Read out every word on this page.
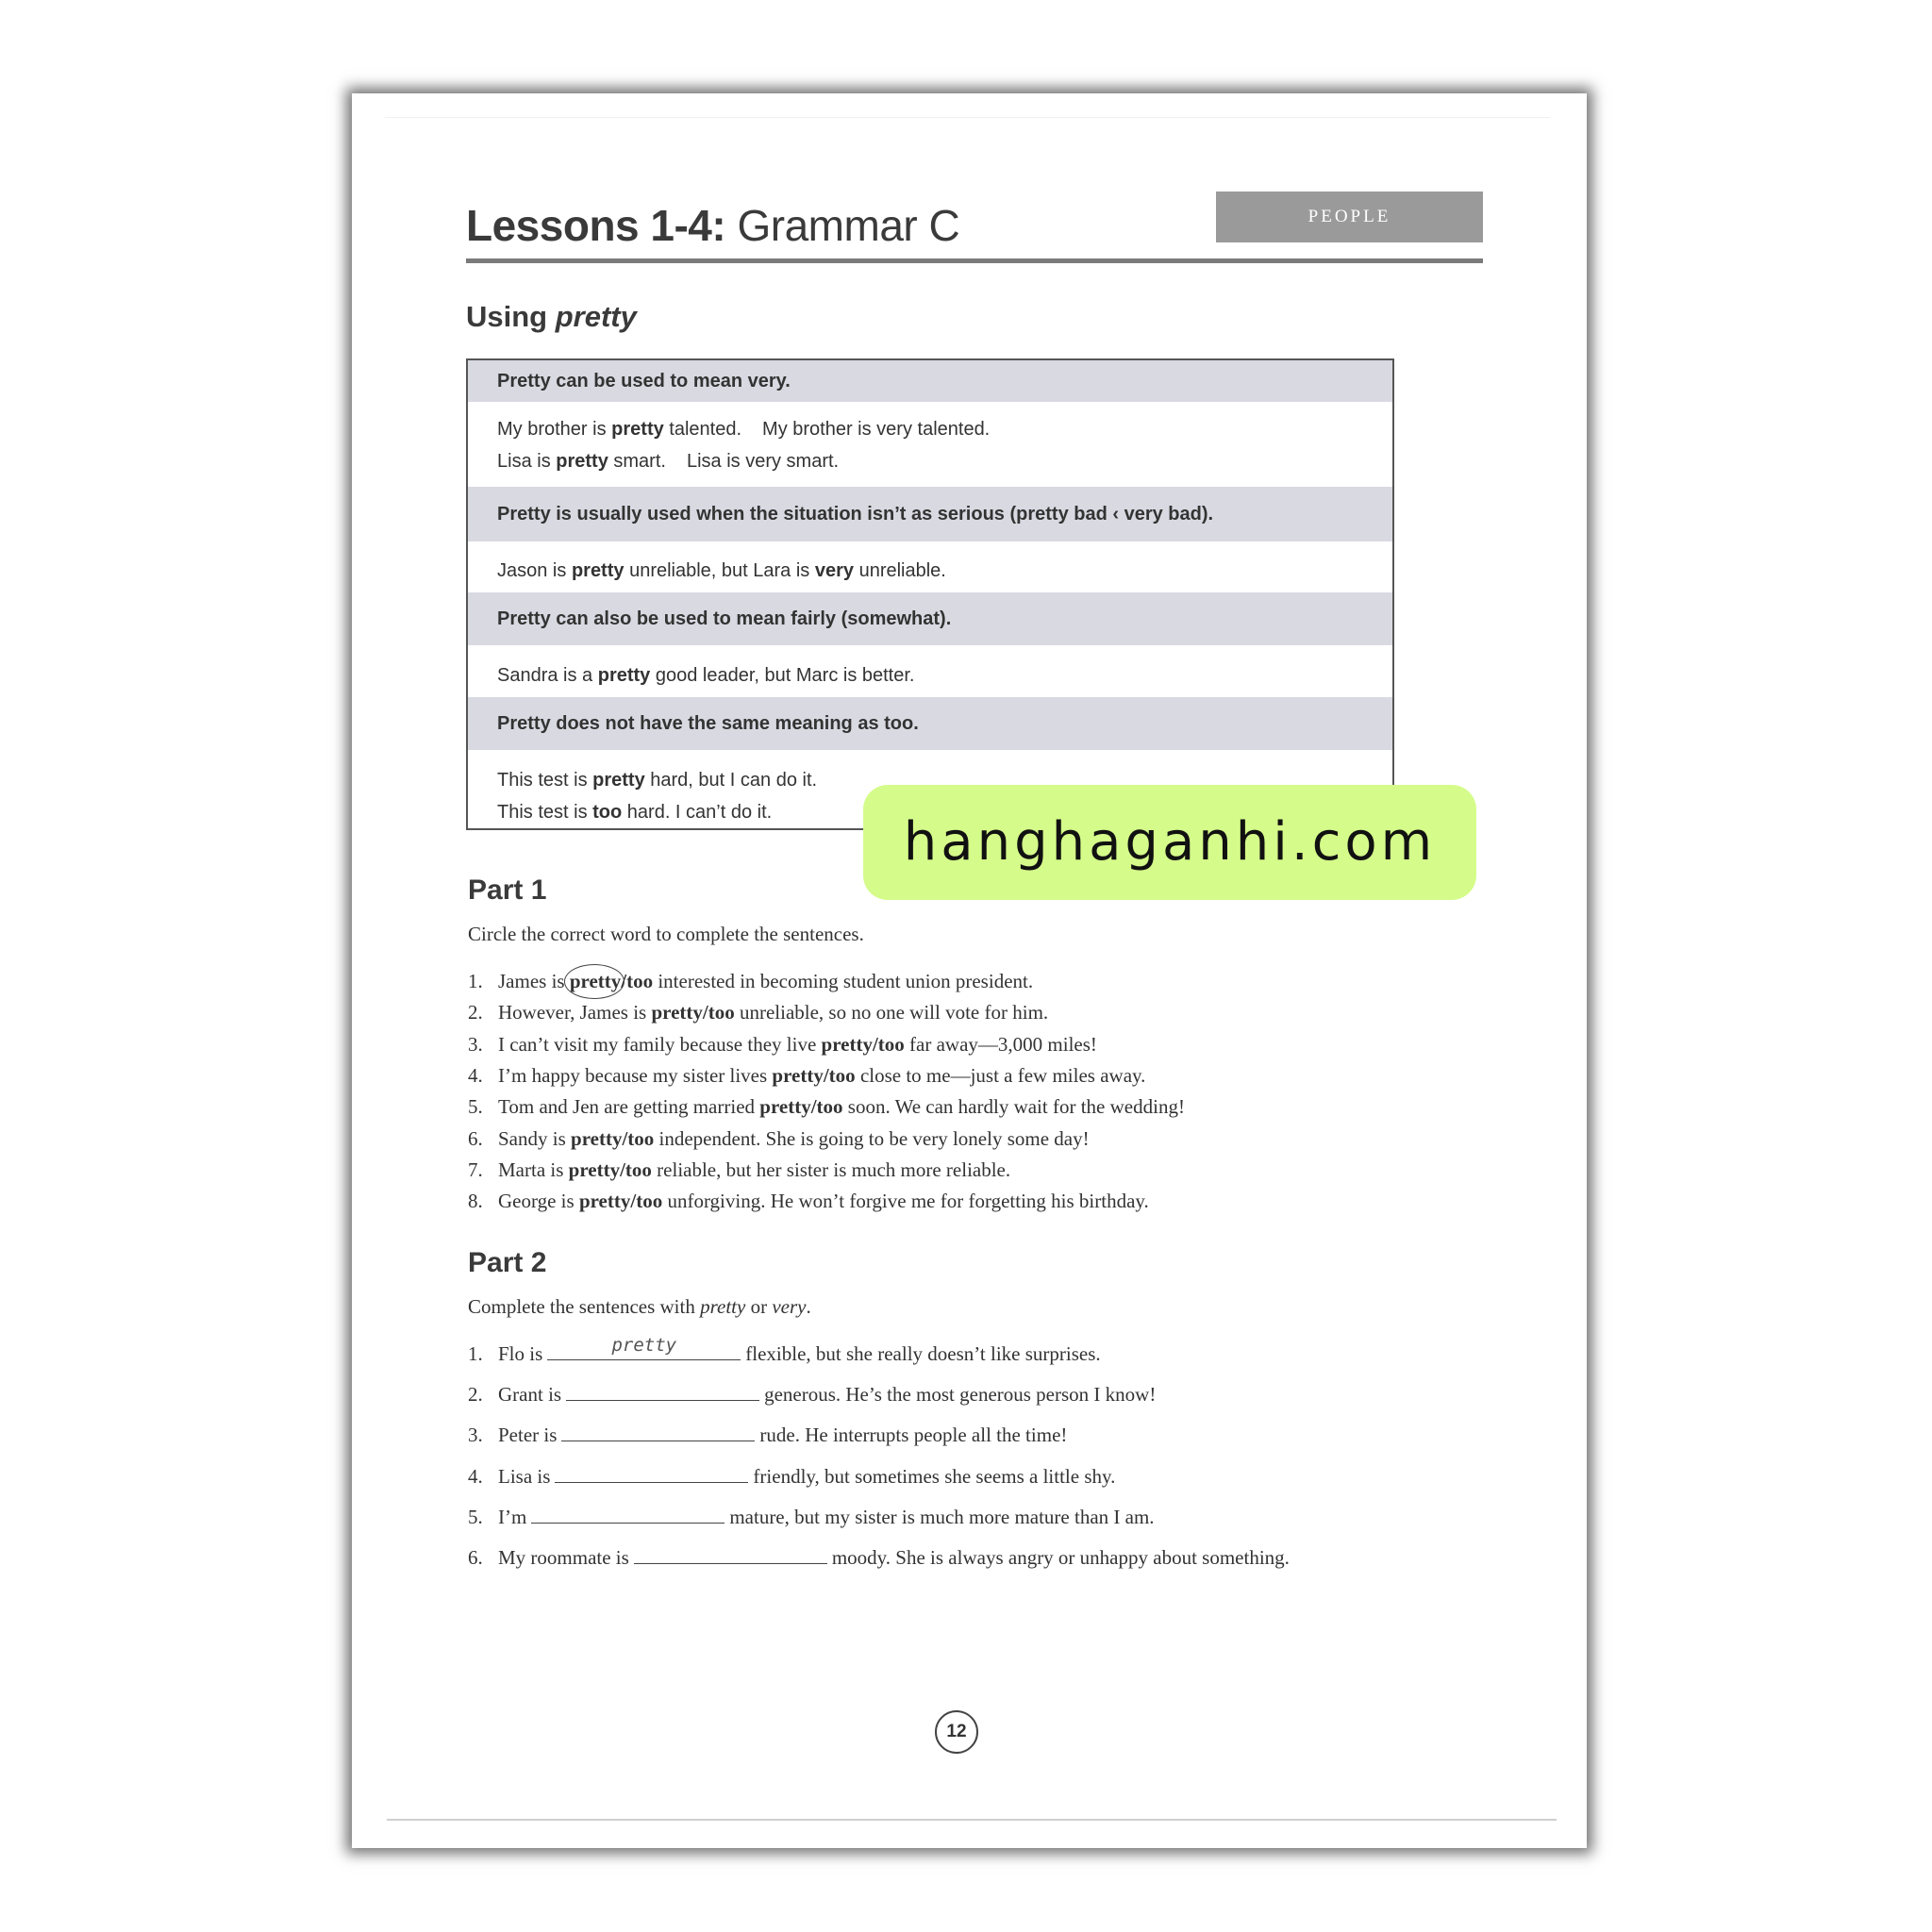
Lessons 1-4: Grammar C	PEOPLE
Using pretty
Pretty can be used to mean very.
My brother is pretty talented. My brother is very talented.
Lisa is pretty smart. Lisa is very smart.
Pretty is usually used when the situation isn’t as serious (pretty bad ‹ very bad).
Jason is pretty unreliable, but Lara is very unreliable.
Pretty can also be used to mean fairly (somewhat).
Sandra is a pretty good leader, but Marc is better.
Pretty does not have the same meaning as too.
This test is pretty hard, but I can do it.
This test is too hard. I can’t do it.
Part 1
Circle the correct word to complete the sentences.
1. James is pretty/too interested in becoming student union president.
2. However, James is pretty/too unreliable, so no one will vote for him.
3. I can’t visit my family because they live pretty/too far away—3,000 miles!
4. I’m happy because my sister lives pretty/too close to me—just a few miles away.
5. Tom and Jen are getting married pretty/too soon. We can hardly wait for the wedding!
6. Sandy is pretty/too independent. She is going to be very lonely some day!
7. Marta is pretty/too reliable, but her sister is much more reliable.
8. George is pretty/too unforgiving. He won’t forgive me for forgetting his birthday.
Part 2
Complete the sentences with pretty or very.
1. Flo is	pretty	flexible, but she really doesn’t like surprises.
2. Grant is	generous. He’s the most generous person I know!
3. Peter is	rude. He interrupts people all the time!
4. Lisa is	friendly, but sometimes she seems a little shy.
5. I’m	mature, but my sister is much more mature than I am.
6. My roommate is	moody. She is always angry or unhappy about something.
hanghaganhi.com
12
